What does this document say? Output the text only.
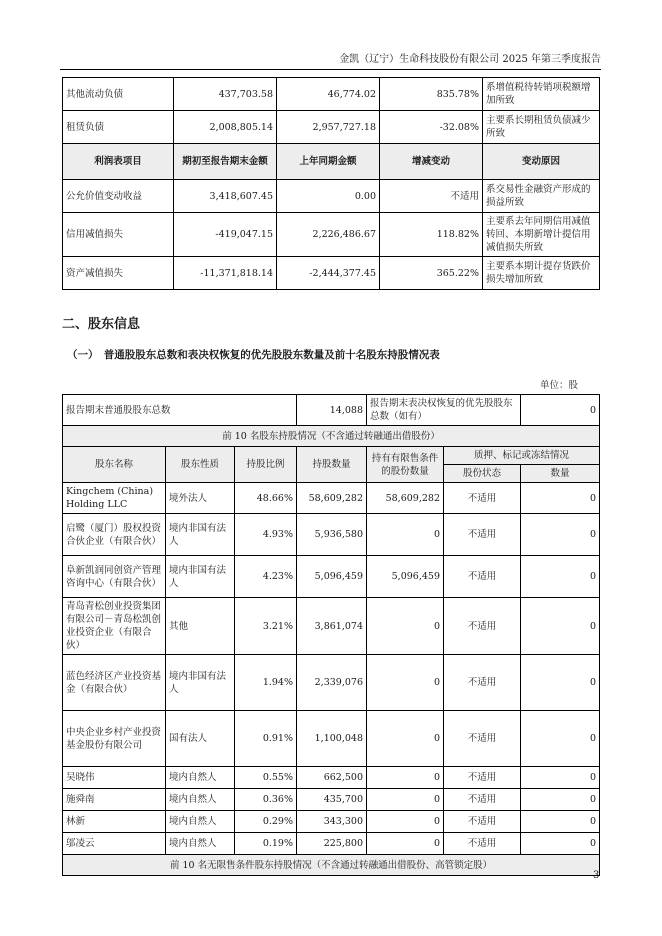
金凯（辽宁）生命科技股份有限公司 2025 年第三季度报告
其他流动负债	437,703.58	46,774.02	835.78%	系增值税待转销项税额增加所致
租赁负债	2,008,805.14	2,957,727.18	-32.08%	主要系长期租赁负债减少所致
利润表项目	期初至报告期末金额	上年同期金额	增减变动	变动原因
公允价值变动收益	3,418,607.45	0.00	不适用	系交易性金融资产形成的损益所致
信用减值损失	-419,047.15	2,226,486.67	118.82%	主要系去年同期信用减值转回、本期新增计提信用减值损失所致
资产减值损失	-11,371,818.14	-2,444,377.45	365.22%	主要系本期计提存货跌价损失增加所致
二、股东信息
（一）　普通股股东总数和表决权恢复的优先股股东数量及前十名股东持股情况表
单位：股
报告期末普通股股东总数			14,088	报告期末表决权恢复的优先股股东总数（如有）		0
前 10 名股东持股情况（不含通过转融通出借股份）						
股东名称	股东性质	持股比例	持股数量	持有有限售条件的股份数量	质押、标记或冻结情况	
					股份状态	数量
Kingchem (China) Holding LLC	境外法人	48.66%	58,609,282	58,609,282	不适用	0
启鹭（厦门）股权投资合伙企业（有限合伙）	境内非国有法人	4.93%	5,936,580	0	不适用	0
阜新凯润同创资产管理咨询中心（有限合伙）	境内非国有法人	4.23%	5,096,459	5,096,459	不适用	0
青岛青松创业投资集团有限公司－青岛松凯创业投资企业（有限合伙）	其他	3.21%	3,861,074	0	不适用	0
蓝色经济区产业投资基金（有限合伙）	境内非国有法人	1.94%	2,339,076	0	不适用	0
中央企业乡村产业投资基金股份有限公司	国有法人	0.91%	1,100,048	0	不适用	0
吴晓伟	境内自然人	0.55%	662,500	0	不适用	0
施舜南	境内自然人	0.36%	435,700	0	不适用	0
林新	境内自然人	0.29%	343,300	0	不适用	0
邬凌云	境内自然人	0.19%	225,800	0	不适用	0
前 10 名无限售条件股东持股情况（不含通过转融通出借股份、高管锁定股）						
3
